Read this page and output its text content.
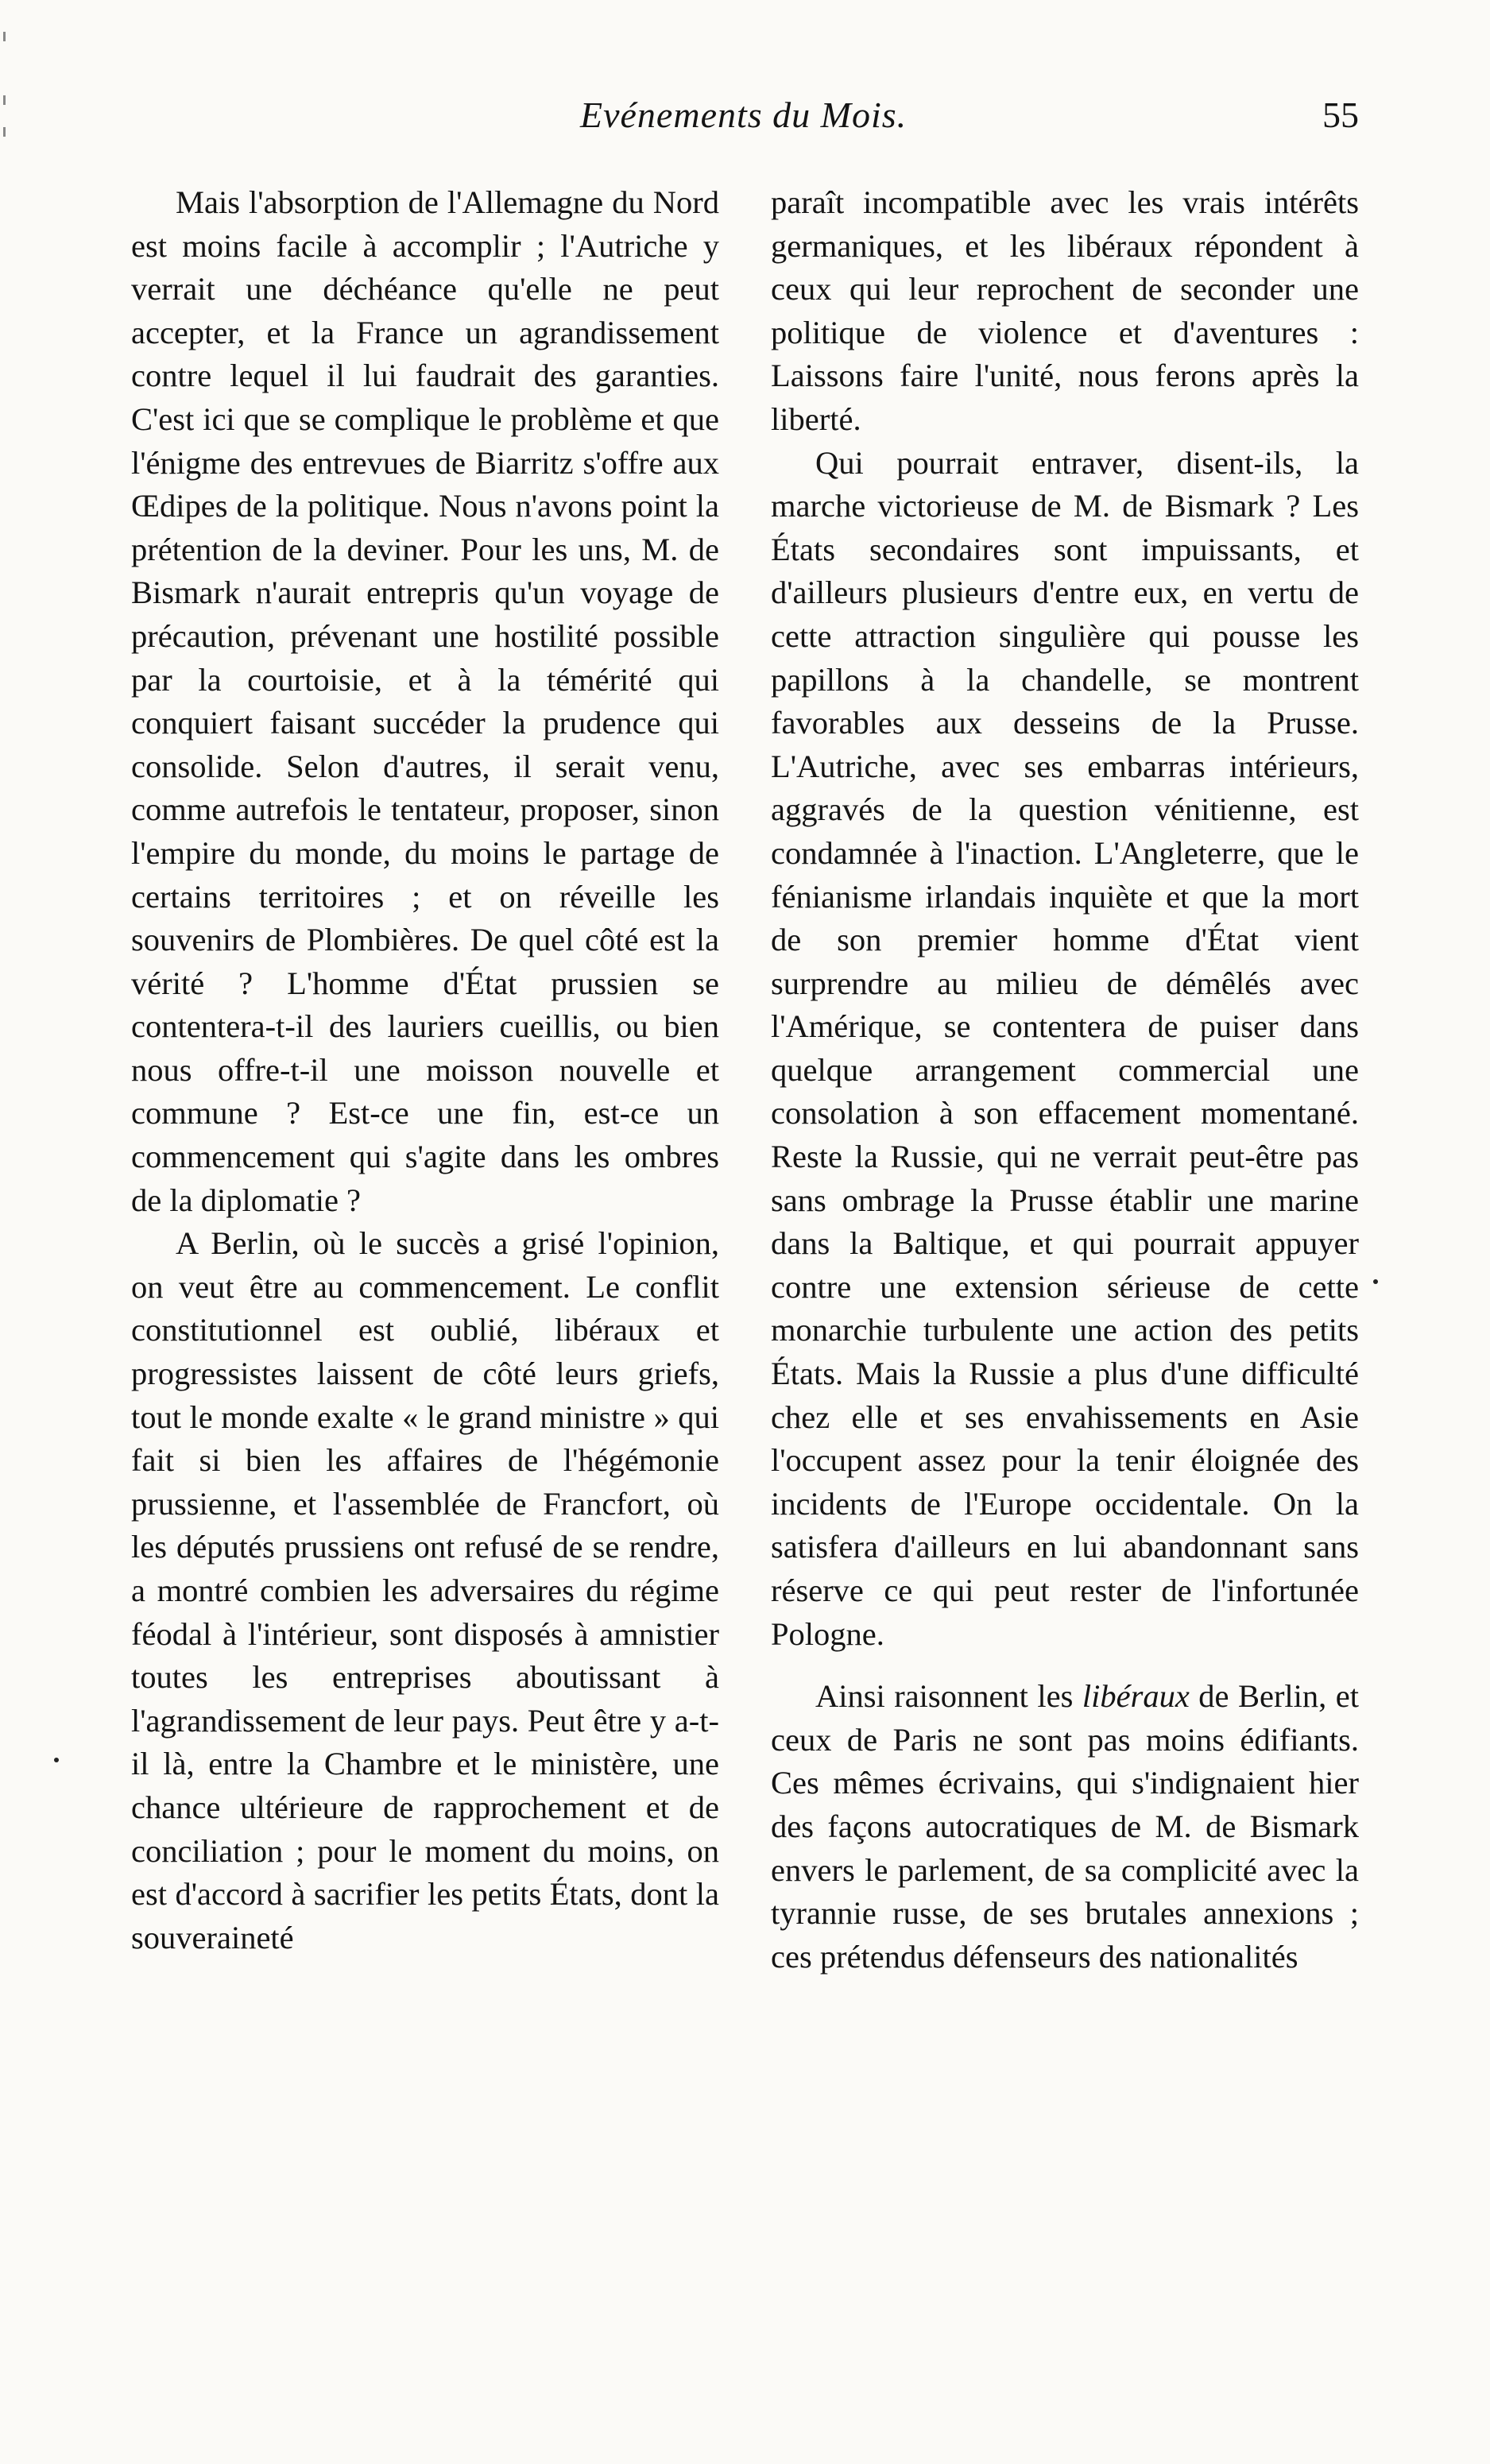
Evénements du Mois.	55

Mais l'absorption de l'Allemagne du Nord est moins facile à accomplir ; l'Autriche y verrait une déchéance qu'elle ne peut accepter, et la France un agrandissement contre lequel il lui faudrait des garanties. C'est ici que se complique le problème et que l'énigme des entrevues de Biarritz s'offre aux Œdipes de la politique. Nous n'avons point la prétention de la deviner. Pour les uns, M. de Bismark n'aurait entrepris qu'un voyage de précaution, prévenant une hostilité possible par la courtoisie, et à la témérité qui conquiert faisant succéder la prudence qui consolide. Selon d'autres, il serait venu, comme autrefois le tentateur, proposer, sinon l'empire du monde, du moins le partage de certains territoires ; et on réveille les souvenirs de Plombières. De quel côté est la vérité ? L'homme d'État prussien se contentera-t-il des lauriers cueillis, ou bien nous offre-t-il une moisson nouvelle et commune ? Est-ce une fin, est-ce un commencement qui s'agite dans les ombres de la diplomatie ?

A Berlin, où le succès a grisé l'opinion, on veut être au commencement. Le conflit constitutionnel est oublié, libéraux et progressistes laissent de côté leurs griefs, tout le monde exalte « le grand ministre » qui fait si bien les affaires de l'hégémonie prussienne, et l'assemblée de Francfort, où les députés prussiens ont refusé de se rendre, a montré combien les adversaires du régime féodal à l'intérieur, sont disposés à amnistier toutes les entreprises aboutissant à l'agrandissement de leur pays. Peut être y a-t-il là, entre la Chambre et le ministère, une chance ultérieure de rapprochement et de conciliation ; pour le moment du moins, on est d'accord à sacrifier les petits États, dont la souveraineté

paraît incompatible avec les vrais intérêts germaniques, et les libéraux répondent à ceux qui leur reprochent de seconder une politique de violence et d'aventures : Laissons faire l'unité, nous ferons après la liberté.

Qui pourrait entraver, disent-ils, la marche victorieuse de M. de Bismark ? Les États secondaires sont impuissants, et d'ailleurs plusieurs d'entre eux, en vertu de cette attraction singulière qui pousse les papillons à la chandelle, se montrent favorables aux desseins de la Prusse. L'Autriche, avec ses embarras intérieurs, aggravés de la question vénitienne, est condamnée à l'inaction. L'Angleterre, que le fénianisme irlandais inquiète et que la mort de son premier homme d'État vient surprendre au milieu de démêlés avec l'Amérique, se contentera de puiser dans quelque arrangement commercial une consolation à son effacement momentané. Reste la Russie, qui ne verrait peut-être pas sans ombrage la Prusse établir une marine dans la Baltique, et qui pourrait appuyer contre une extension sérieuse de cette monarchie turbulente une action des petits États. Mais la Russie a plus d'une difficulté chez elle et ses envahissements en Asie l'occupent assez pour la tenir éloignée des incidents de l'Europe occidentale. On la satisfera d'ailleurs en lui abandonnant sans réserve ce qui peut rester de l'infortunée Pologne.

Ainsi raisonnent les libéraux de Berlin, et ceux de Paris ne sont pas moins édifiants. Ces mêmes écrivains, qui s'indignaient hier des façons autocratiques de M. de Bismark envers le parlement, de sa complicité avec la tyrannie russe, de ses brutales annexions ; ces prétendus défenseurs des nationalités
